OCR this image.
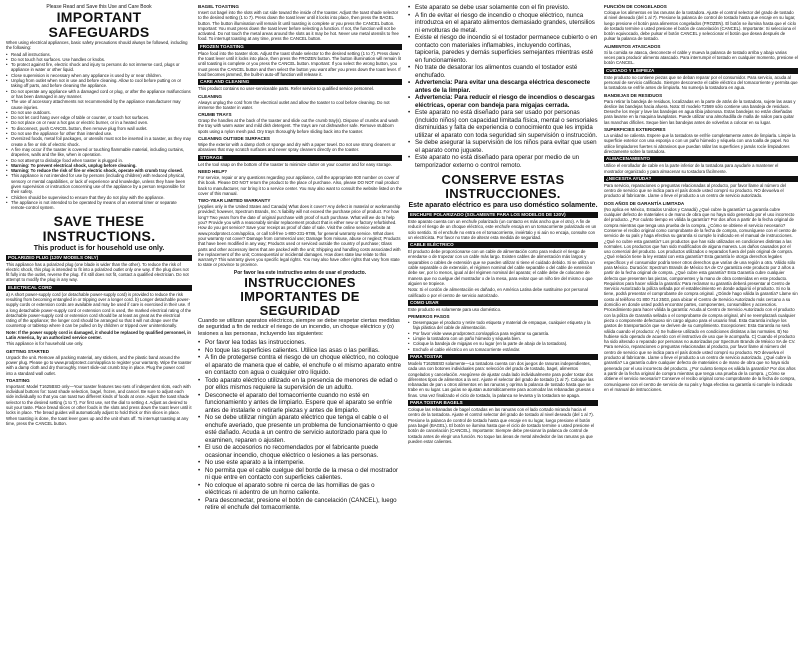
Please Read and Save this Use and Care Book
IMPORTANT SAFEGUARDS

When using electrical appliances, basic safety precautions should always be followed, including the following:

• Read all instructions.
• Do not touch hot surfaces. Use handles or knobs.
• To protect against fire, electric shock and injury to persons do not immerse cord, plugs or appliance in water or other liquid.
• Close supervision is necessary when any appliance is used by or near children.
• Unplug from outlet when not in use and before cleaning. Allow to cool before putting on or taking off parts, and before cleaning the appliance.
• Do not operate any appliance with a damaged cord or plug, or after the appliance malfunctions or has been damaged in any manner.
• The use of accessory attachments not recommended by the appliance manufacturer may cause injuries.
• Do not use outdoors.
• Do not let cord hang over edge of table or counter, or touch hot surfaces.
• Do not place on or near a hot gas or electric burner, or in a heated oven.
• To disconnect, push CANCEL button, then remove plug from wall outlet.
• Do not use the appliance for other than intended use.
• Oversized foods, metal foil packages, or utensils must not be inserted in a toaster, as they may create a fire or risk of electric shock.
• A fire may occur if the toaster is covered or touching flammable material, including curtains, draperies, walls and the like, when in operation.
• Do not attempt to dislodge food when toaster is plugged in.
• Warning: To prevent electrical shock, unplug before cleaning.
• Warning: To reduce the risk of fire or electric shock, operate with crumb tray closed.
• This appliance is not intended for use by persons (including children) with reduced physical, sensory or mental capabilities, or lack of experience and knowledge, unless they have been given supervision or instruction concerning use of the appliance by a person responsible for their safety.
• Children should be supervised to ensure that they do not play with the appliance.
• The appliance is not intended to be operated by means of an external timer or separate remote-control system.
SAVE THESE INSTRUCTIONS.
This product is for household use only.
POLARIZED PLUG (120V MODELS ONLY)

This appliance has a polarized plug (one blade is wider than the other). To reduce the risk of electric shock, this plug is intended to fit into a polarized outlet only one way. If the plug does not fit fully into the outlet, reverse the plug. If it still does not fit, contact a qualified electrician. Do not attempt to modify the plug in any way.

ELECTRICAL CORD

a) A short power-supply cord (or detachable power-supply cord) is provided to reduce the risk resulting from becoming entangled in or tripping over a longer cord. b) Longer detachable power-supply cords or extension cords are available and may be used if care is exercised in their use. If a long detachable power-supply cord or extension cord is used, the marked electrical rating of the detachable power-supply cord or extension cord should be at least as great as the electrical rating of the appliance; the longer cord should be arranged so that it will not drape over the countertop or tabletop where it can be pulled on by children or tripped over unintentionally.

Note: If the power supply cord is damaged, it should be replaced by qualified personnel, in Latin America, by an authorized service center.

This appliance is for household use only.

GETTING STARTED

Unpack the unit. Remove all packing material, any stickers, and the plastic band around the power plug. Please go to www.prodprotect.com/applica to register your warranty. Wipe the toaster with a damp cloth and dry thoroughly. Insert slide-out crumb tray in place. Plug the power cord into a standard wall outlet.

TOASTING

Important: Model T1625BSD only—Your toaster features two sets of independent slots, each with individual buttons for: toast shade selection, bagel, frozen, and cancel. Be sure to adjust each side individually so that you can toast two different kinds of foods at once. Adjust the toast shade selector to the desired setting (1 to 7). For first use, set the dial to setting 4. Adjust as desired to suit your taste. Place bread slices or other foods in the slots and press down the toast lever until it locks in place. The bread guides will automatically adjust to hold thick or thin slices in place. When toasting is done, the toast lever goes up and the unit shuts off. To interrupt toasting at any time, press the CANCEL button.

BAGEL TOASTING

Insert cut bagel into the slots with cut side toward the inside of the toaster. Adjust the toast shade selector to the desired setting (1 to 7). Press down the toast lever until it locks into place, then press the BAGEL button. The button illumination will remain lit until toasting is complete or you press the CANCEL button. Important: You must press down the toast lever before selecting a function. If not, the function will not be activated. Do not touch the metal areas around the slots as it may be hot. Never use metal utensils to free food. To interrupt toasting at any time, press the CANCEL button.

FROZEN TOASTING

Place food into the toaster slots. Adjust the toast shade selector to the desired setting (1 to 7). Press down the toast lever until it locks into place, then press the FROZEN button. The button illumination will remain lit until toasting is complete or you press the CANCEL button. Important: If you select the wrong button, you must press the CANCEL button and then select the button you want after you press down the toast lever. If food becomes jammed, the built-in auto-off function will release it.

CARE AND CLEANING

This product contains no user-serviceable parts. Refer service to qualified service personnel.

CLEANING

Always unplug the cord from the electrical outlet and allow the toaster to cool before cleaning. Do not immerse the toaster in water.

CRUMB TRAYS

Grasp the handles at the back of the toaster and slide out the crumb tray(s). Dispose of crumbs and wash the tray with warm water and mild dish detergent. The trays are not dishwasher safe. Remove stubborn spots using a nylon mesh pad. Dry trays thoroughly before sliding back into the toaster.

CLEANING OUTSIDE SURFACES

Wipe the exterior with a damp cloth or sponge and dry with a paper towel. Do not use strong cleaners or abrasives that may scratch surfaces and never spray cleaners directly on the toaster.

STORAGE

Let the tool snap on the bottom of the toaster to minimize clutter on your counter and for easy storage.

NEED HELP?

For service, repair or any questions regarding your appliance, call the appropriate 800 number on cover of this book. Please DO NOT return the product to the place of purchase. Also, please DO NOT mail product back to manufacturer, nor bring it to a service center. You may also want to consult the website listed on the cover of this manual.

TWO-YEAR LIMITED WARRANTY

(Applies only in the United States and Canada) What does it cover? Any defect in material or workmanship provided; however, Spectrum Brands, Inc.'s liability will not exceed the purchase price of product. For how long? Two years from the date of original purchase with proof of such purchase. What will we do to help you? Provide you with a reasonably similar replacement product that is either new or factory refurbished. How do you get service? Save your receipt as proof of date of sale. Visit the online service website at www.prodprotect.com/applica, or call toll-free 1-800-231-9786, for general warranty service. What does your warranty not cover? Damage from commercial use; Damage from misuse, abuse or neglect; Products that have been modified in any way; Products used or serviced outside the country of purchase; Glass parts and other accessory items that are packed with the unit; Shipping and handling costs associated with the replacement of the unit; Consequential or incidental damages. How does state law relate to this warranty? This warranty gives you specific legal rights. You may also have other rights that vary from state to state or province to province.

Por favor lea este instructivo antes de usar el producto.
INSTRUCCIONES IMPORTANTES DE SEGURIDAD

Cuando se utilizan aparatos eléctricos, siempre se debe respetar ciertas medidas de seguridad a fin de reducir el riesgo de un incendio, un choque eléctrico y (o) lesiones a las personas, incluyendo las siguientes:

• Por favor lea todas las instrucciones.
• No toque las superficies calientes. Utilice las asas o las perillas.
• A fin de protegerse contra el riesgo de un choque eléctrico, no coloque el aparato de manera que el cable, el enchufe o el mismo aparato entre en contacto con agua o cualquier otro líquido.
• Todo aparato eléctrico utilizado en la presencia de menores de edad o por ellos mismos requiere la supervisión de un adulto.
• Desconecte el aparato del tomacorriente cuando no esté en funcionamiento y antes de limpiarlo. Espere que el aparato se enfríe antes de instalarle o retirarle piezas y antes de limpiarlo.
• No se debe utilizar ningún aparato eléctrico que tenga el cable o el enchufe averiado, que presente un problema de funcionamiento o que esté dañado. Acuda a un centro de servicio autorizado para que lo examinen, reparen o ajusten.
• El uso de accesorios no recomendados por el fabricante puede ocasionar incendio, choque eléctrico o lesiones a las personas.
• No use este aparato a la intemperie.
• No permita que el cable cuelgue del borde de la mesa o del mostrador ni que entre en contacto con superficies calientes.
• No coloque el aparato sobre ni cerca de las hornillas de gas o eléctricas ni adentro de un horno caliente.
• Para desconectar, presione el botón de cancelación (CANCEL), luego retire el enchufe del tomacorriente.
• Este aparato se debe usar solamente con el fin previsto.
• A fin de evitar el riesgo de incendio o choque eléctrico, nunca introduzca en el aparato alimentos demasiado grandes, utensilios ni envolturas de metal.
• Existe el riesgo de incendio si el tostador permanece cubierto o en contacto con materiales inflamables, incluyendo cortinas, tapicería, paredes y demás superficies semejantes mientras esté en funcionamiento.
• No trate de desatorar los alimentos cuando el tostador esté enchufado.
• Advertencia: Para evitar una descarga eléctrica desconecte antes de la limpiar.
• Advertencia: Para reducir el riesgo de incendios o descargas eléctricas, operar con bandeja para migajas cerrada.
• Este aparato no está diseñado para ser usado por personas (incluido niños) con capacidad limitada física, mental o sensoriales disminuidas y falta de experiencia o conocimiento que les impida utilizar el aparato con toda seguridad sin supervisión o instrucción.
• Se debe asegurar la supervisión de los niños para evitar que usen el aparato como juguete.
• Este aparato no está diseñado para operar por medio de un temporizador externo o control remoto.
CONSERVE ESTAS INSTRUCCIONES.
Este aparato eléctrico es para uso doméstico solamente.
ENCHUFE POLARIZADO (SOLAMENTE PARA LOS MODELOS DE 120V)

Este aparato cuenta con un enchufe polarizado (un contacto es más ancho que el otro). A fin de reducir el riesgo de un choque eléctrico, este enchufe encaja en un tomacorriente polarizado en un solo sentido. Si el enchufe no entra en el tomacorriente, inviértalo y si aún no encaja, consulte con un electricista. Por favor no trate de alterar esta medida de seguridad.

CABLE ELÉCTRICO

El producto debe proporcionarse con un cable de alimentación corto para reducir el riesgo de enredarse o de tropezar con un cable más largo. Existen cables de alimentación más largos y separables o cables de extensión que se pueden utilizar si tiene el cuidado debido. Si se utiliza un cable separable o de extensión, el régimen nominal del cable separable o del cable de extensión debe ser, por lo menos, igual al del régimen nominal del aparato; el cable debe de colocarse de manera que no cuelgue del mostrador o de la mesa, para evitar que un niño tire del mismo o que alguien se tropiece.

Nota: Si el cordón de alimentación es dañado, en América Latina debe sustituirse por personal calificado o por el centro de servicio autorizado.

COMO USAR

Este producto es solamente para uso doméstico.

PRIMEROS PASOS
• Desempaque el producto y retire todo etiqueta y material de empaque, cualquier etiqueta y la faja plástica del cable de alimentación.
• Por favor visite www.prodprotect.com/applica para registrar su garantía.
• Limpie la tostadora con un paño húmedo y séquela bien.
• Coloque la bandeja de migajas en su lugar (en la parte de abajo de la tostadora).
• Enchufe el cable eléctrico en un tomacorriente estándar.
PARA TOSTAR

Modelo T1625BSD solamente—La tostadora cuenta con dos juegos de ranuras independientes, cada una con botones individuales para: selección del grado de tostado, bagel, alimentos congelados y cancelación. Asegúrese de ajustar cada lado individualmente para poder tostar dos diferentes tipos de alimentos a la vez. Ajuste el selector del grado de tostado (1 al 7). Coloque las rebanadas de pan u otros alimentos en las ranuras y oprima la palanca de tostado hasta que se trabe en su lugar. Las guías se ajustan automáticamente para acomodar las rebanadas gruesas o finas. Una vez finalizado el ciclo de tostado, la palanca se levanta y la tostadora se apaga.

PARA TOSTAR BAGELS

Coloque las rebanadas de bagel cortadas en las ranuras con el lado cortado mirando hacia el centro de la tostadora. Ajuste el control selector del grado de tostado al nivel deseado (del 1 al 7). Presione la palanca de control de tostado hasta que encaje en su lugar, luego presione el botón para bagel (BAGEL). El botón se ilumina hasta que el ciclo de tostado termine o usted presione el botón de cancelación (CANCEL). Importante: Siempre debe presionar la palanca de control de tostado antes de elegir una función. No toque las áreas de metal alrededor de las ranuras ya que pueden estar calientes.

FUNCIÓN DE CONGELADOS

Coloque los alimentos en las ranuras de la tostadora. Ajuste el control selector del grado de tostado al nivel deseado (del 1 al 7). Presione la palanca de control de tostado hasta que encaje en su lugar, luego presione el botón para alimentos congelados (FROZEN). El botón se ilumina hasta que el ciclo de tostado termine o usted presione el botón de cancelación (CANCEL). Importante: Si selecciona el botón equivocado, debe pulsar el botón CANCEL y seleccionar el botón que desea después de pulsar la palanca de tostado.

ALIMENTOS ATASCADOS

Si la comida se atasca, desconecte el cable y mueva la palanca de tostado arriba y abajo varias veces para producir alimento atascado. Para interrumpir el tostado en cualquier momento, presione el botón CANCEL.

CUIDADO Y LIMPIEZA

Este producto no contiene piezas que se deban reparar por el consumidor. Para servicio, acuda al personal de servicio calificado. Siempre desconecte el cable eléctrico del tomacorriente y permita que la tostadora se enfríe antes de limpiarla. No sumerja la tostadora en agua.

BANDEJAS DE RESIDUOS

Para retirar la bandeja de residuos, localizadas en la parte de atrás de la tostadora, sujete las asas y deslice las bandejas hacia afuera. Nota: El modelo T2569 sólo contiene una bandeja de residuos. Deseche los mejor y lave las bandejas en agua tibia jabonosa. Estas bandejas no están diseñadas para lavarse en la maquina lavaplatos. Puede utilizar una almohadilla de malla de nailon para quitar las manchas difíciles. Seque bien las bandejas antes de volverlas a colocar en su lugar.

SUPERFICIES EXTERIORES

La unidad se calienta. Espere que la tostadora se enfríe completamente antes de limpiarla. Limpie la superficie exterior con una esponja o con un paño húmedo y séquela con una toalla de papel. No utilice limpiadores fuertes ni abrasivos que puedan rallar las superficies y jamás rocíe limpiadores directamente sobre la tostadora.

ALMACENAMIENTO

Utilice el enrollador de cable en la parte inferior de la tostadora para ayudarle a mantener el mostrador organizado y para almacenar su tostadora fácilmente.

¿NECESITA AYUDA?

Para servicio, reparaciones o preguntas relacionadas al producto, por favor llame al número del centro de servicio que se indica para el país donde usted compró su producto. NO devuelva el producto al fabricante. Llame o lleve el producto a un centro de servicio autorizado.

DOS AÑOS DE GARANTÍA LIMITADA

(No aplica en México, Estados Unidos y Canadá) ¿Qué cubre la garantía? La garantía cubre cualquier defecto de materiales o de mano de obra que no haya sido generado por el uso incorrecto del producto. ¿Por cuánto tiempo es válida la garantía? Por dos años a partir de la fecha original de compra mientras que tenga una prueba de la compra. ¿Cómo se obtiene el servicio necesario? Conserve el recibo original como comprobante de la fecha de compra, comuníquese con el centro de servicio de su país y haga efectiva su garantía si cumple lo indicado en el manual de instrucciones. ¿Qué no cubre esta garantía? Los productos que han sido utilizados en condiciones distintas a las normales. Los productos que han sido modificados de alguna manera. Los daños causados por el uso comercial del producto. Los productos utilizados o reparados fuera del país original de compra. ¿Qué relación tiene la ley estatal con esta garantía? Esta garantía le otorga derechos legales específicos y el consumidor podría tener otros derechos que varían de una región a otra. Válido sólo para México. Duración: Spectrum Brands de México SA de CV garantiza este producto por 2 años a partir de la fecha original de compra. ¿Qué cubre esta garantía? Esta Garantía cubre cualquier defecto que presenten las piezas, componentes y la mano de obra contenidas en este producto. Requisitos para hacer válida la garantía: Para reclamar su garantía deberá presentar al Centro de Servicio Autorizado la póliza sellada por el establecimiento en donde adquirió el producto. Si no la tiene, podrá presentar el comprobante de compra original. ¿Dónde hago válida la garantía? Llame sin costo al teléfono 01 800 714 2503, para ubicar el Centro de Servicio Autorizado más cercano a su domicilio en donde usted podrá encontrar partes, componentes, consumibles y accesorios. Procedimiento para hacer válida la garantía: Acuda al Centro de Servicio Autorizado con el producto con la póliza de Garantía sellada o el comprobante de compra original, ahí se reemplazará cualquier pieza o componente defectuoso sin cargo alguno para el usuario final. Esta Garantía incluye los gastos de transportación que se deriven de su cumplimiento. Excepciones: Esta Garantía no será válida cuando el producto: A) Se hubiese utilizado en condiciones distintas a las normales. B) No hubiese sido operado de acuerdo con el instructivo de uso que le acompaña. C) Cuando el producto ha sido alterado o reparado por personas no autorizadas por Spectrum Brands de México SA de CV. Para servicio, reparaciones o preguntas relacionadas al producto, por favor llame al número del centro de servicio que se indica para el país donde usted compró su producto. NO devuelva el producto al fabricante. Llame o lleve el producto a un centro de servicio autorizado. ¿Qué cubre la garantía? La garantía cubre cualquier defecto de materiales o de mano de obra que no haya sido generado por el uso incorrecto del producto. ¿Por cuánto tiempo es válida la garantía? Por dos años a partir de la fecha original de compra mientras que tenga una prueba de la compra. ¿Cómo se obtiene el servicio necesario? Conserve el recibo original como comprobante de la fecha de compra, comuníquese con el centro de servicio de su país y haga efectiva su garantía si cumple lo indicado en el manual de instrucciones.
